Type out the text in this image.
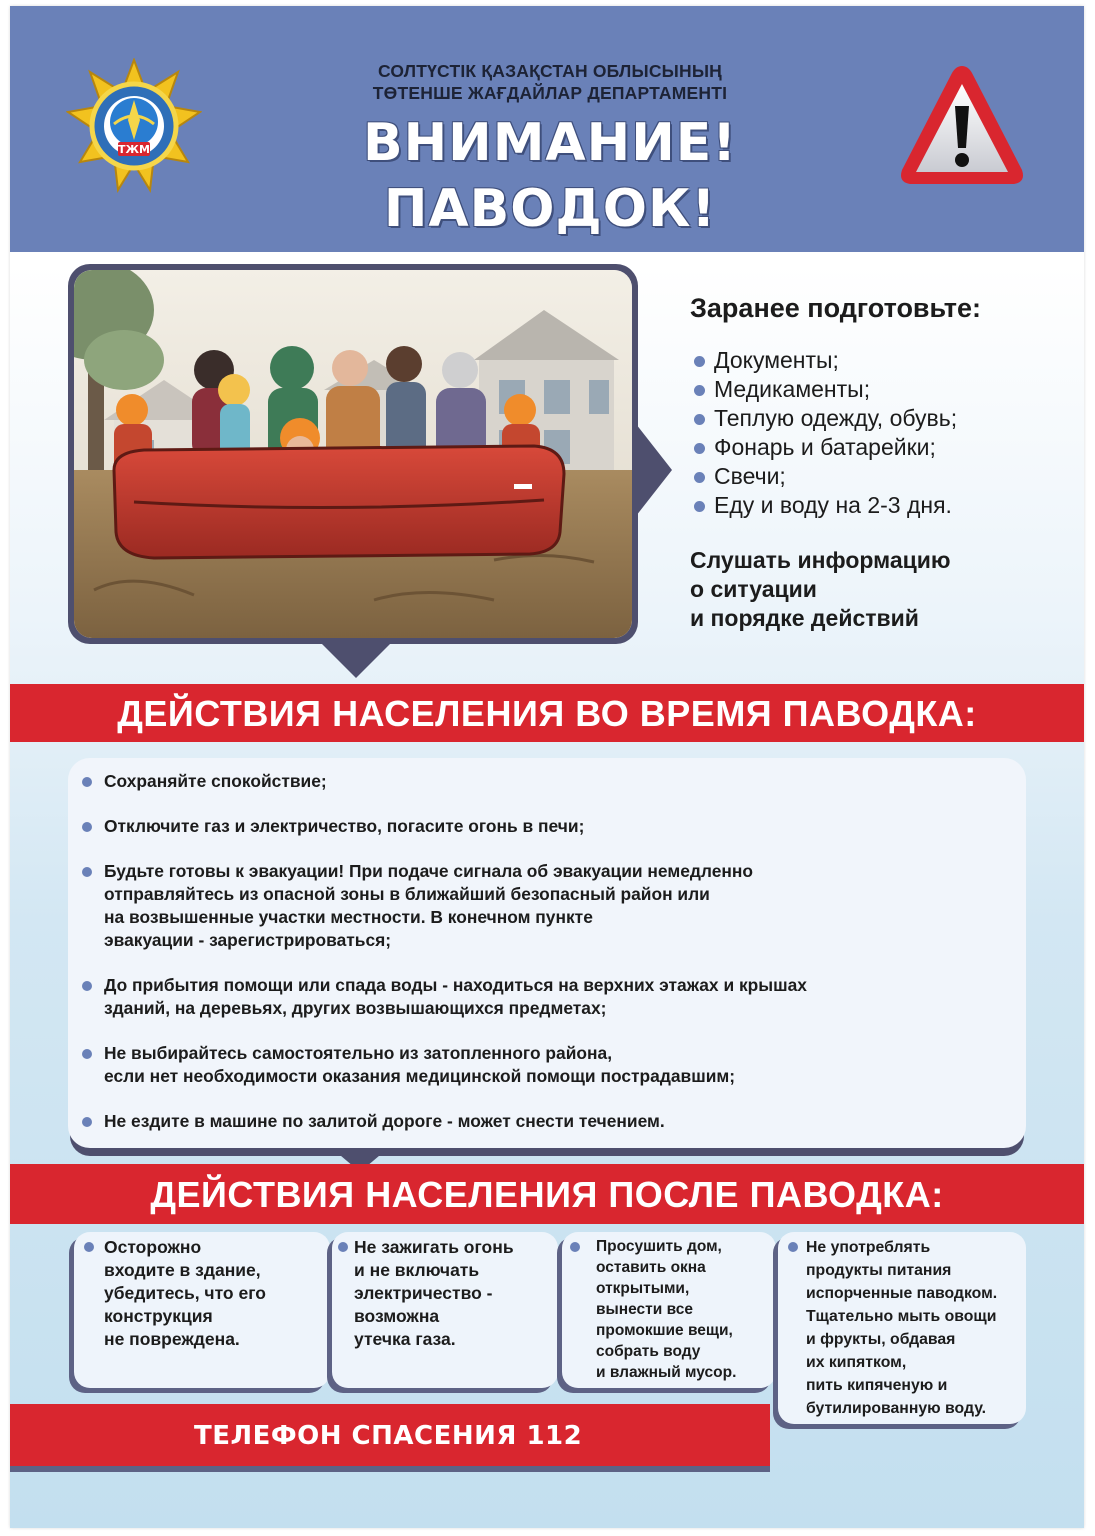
ТЖМ
СОЛТҮСТІК ҚАЗАҚСТАН ОБЛЫСЫНЫҢ
ТӨТЕНШЕ ЖАҒДАЙЛАР ДЕПАРТАМЕНТІ
ВНИМАНИЕ!
ПАВОДОК!
Заранее подготовьте:
Документы;
Медикаменты;
Теплую одежду, обувь;
Фонарь и батарейки;
Свечи;
Еду и воду на 2-3 дня.
Слушать информацию
о ситуации
и порядке действий
ДЕЙСТВИЯ НАСЕЛЕНИЯ ВО ВРЕМЯ ПАВОДКА:
Сохраняйте спокойствие;
Отключите газ и электричество, погасите огонь в печи;
Будьте готовы к эвакуации! При подаче сигнала об эвакуации немедленно
отправляйтесь из опасной зоны в ближайший безопасный район или
на возвышенные участки местности. В конечном пункте
эвакуации - зарегистрироваться;
До прибытия помощи или спада воды - находиться на верхних этажах и крышах
зданий, на деревьях, других возвышающихся предметах;
Не выбирайтесь самостоятельно из затопленного района,
если нет необходимости оказания медицинской помощи пострадавшим;
Не ездите в машине по залитой дороге - может снести течением.
ДЕЙСТВИЯ НАСЕЛЕНИЯ ПОСЛЕ ПАВОДКА:
Осторожно
входите в здание,
убедитесь, что его
конструкция
не повреждена.
Не зажигать огонь
и не включать
электричество -
возможна
утечка газа.
Просушить дом,
оставить окна
открытыми,
вынести все
промокшие вещи,
собрать воду
и влажный мусор.
Не употреблять
продукты питания
испорченные паводком.
Тщательно мыть овощи
и фрукты, обдавая
их кипятком,
пить кипяченую и
бутилированную воду.
ТЕЛЕФОН СПАСЕНИЯ 112
